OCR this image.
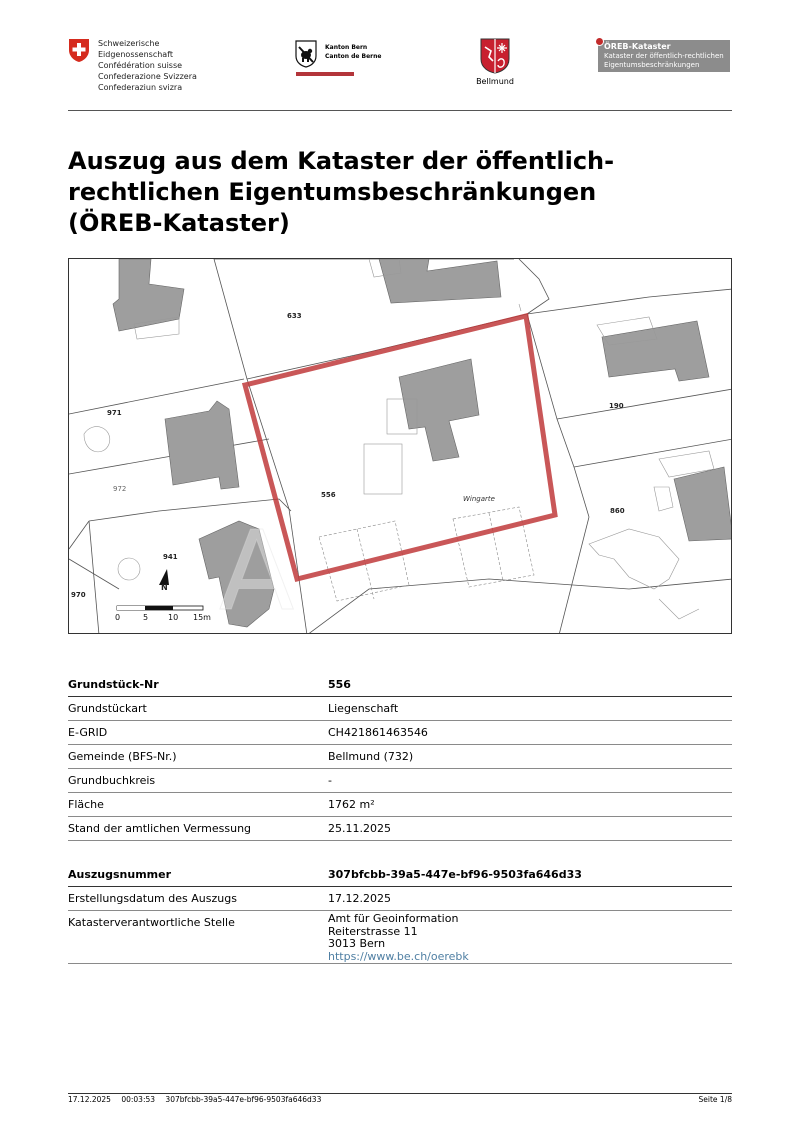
Schweizerische Eidgenossenschaft
Confédération suisse
Confederazione Svizzera
Confederaziun svizra
Kanton Bern
Canton de Berne
Bellmund
ÖREB-Kataster
Kataster der öffentlich-rechtlichen
Eigentumsbeschränkungen
Auszug aus dem Kataster der öffentlich-
rechtlichen Eigentumsbeschränkungen
(ÖREB-Kataster)
A
633
971
972
941
970
556
190
860
Wingarte
N
0	5 10 15m
Grundstück-Nr	556
Grundstückart	Liegenschaft
E-GRID	CH421861463546
Gemeinde (BFS-Nr.)	Bellmund (732)
Grundbuchkreis	-
Fläche	1762 m²
Stand der amtlichen Vermessung	25.11.2025
Auszugsnummer	307bfcbb-39a5-447e-bf96-9503fa646d33
Erstellungsdatum des Auszugs	17.12.2025
Katasterverantwortliche Stelle	Amt für Geoinformation
Reiterstrasse 11
3013 Bern
https://www.be.ch/oerebk
17.12.2025 00:03:53 307bfcbb-39a5-447e-bf96-9503fa646d33	Seite 1/8
